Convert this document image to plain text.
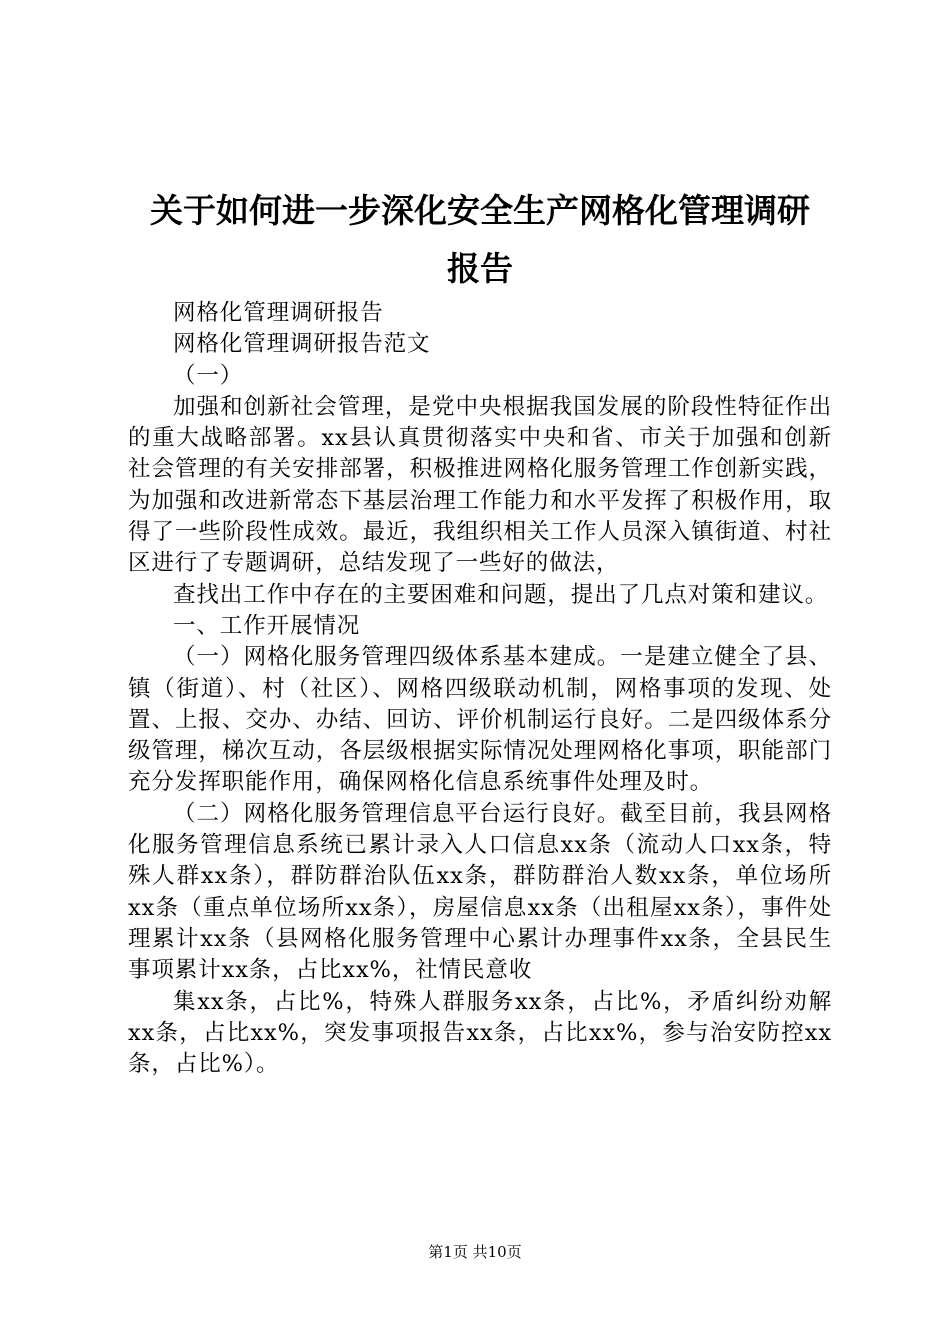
关于如何进一步深化安全生产网格化管理调研
报告

网格化管理调研报告

网格化管理调研报告范文

（一）

加强和创新社会管理，是党中央根据我国发展的阶段性特征作出的重大战略部署。xx县认真贯彻落实中央和省、市关于加强和创新社会管理的有关安排部署，积极推进网格化服务管理工作创新实践，为加强和改进新常态下基层治理工作能力和水平发挥了积极作用，取得了一些阶段性成效。最近，我组织相关工作人员深入镇街道、村社区进行了专题调研，总结发现了一些好的做法，

查找出工作中存在的主要困难和问题，提出了几点对策和建议。

一、工作开展情况

（一）网格化服务管理四级体系基本建成。一是建立健全了县、镇（街道）、村（社区）、网格四级联动机制，网格事项的发现、处置、上报、交办、办结、回访、评价机制运行良好。二是四级体系分级管理，梯次互动，各层级根据实际情况处理网格化事项，职能部门充分发挥职能作用，确保网格化信息系统事件处理及时。

（二）网格化服务管理信息平台运行良好。截至目前，我县网格化服务管理信息系统已累计录入人口信息xx条（流动人口xx条，特殊人群xx条），群防群治队伍xx条，群防群治人数xx条，单位场所xx条（重点单位场所xx条），房屋信息xx条（出租屋xx条），事件处理累计xx条（县网格化服务管理中心累计办理事件xx条，全县民生事项累计xx条，占比xx%，社情民意收

集xx条，占比%，特殊人群服务xx条，占比%，矛盾纠纷劝解xx条，占比xx%，突发事项报告xx条，占比xx%，参与治安防控xx条，占比%）。

第1页 共10页
